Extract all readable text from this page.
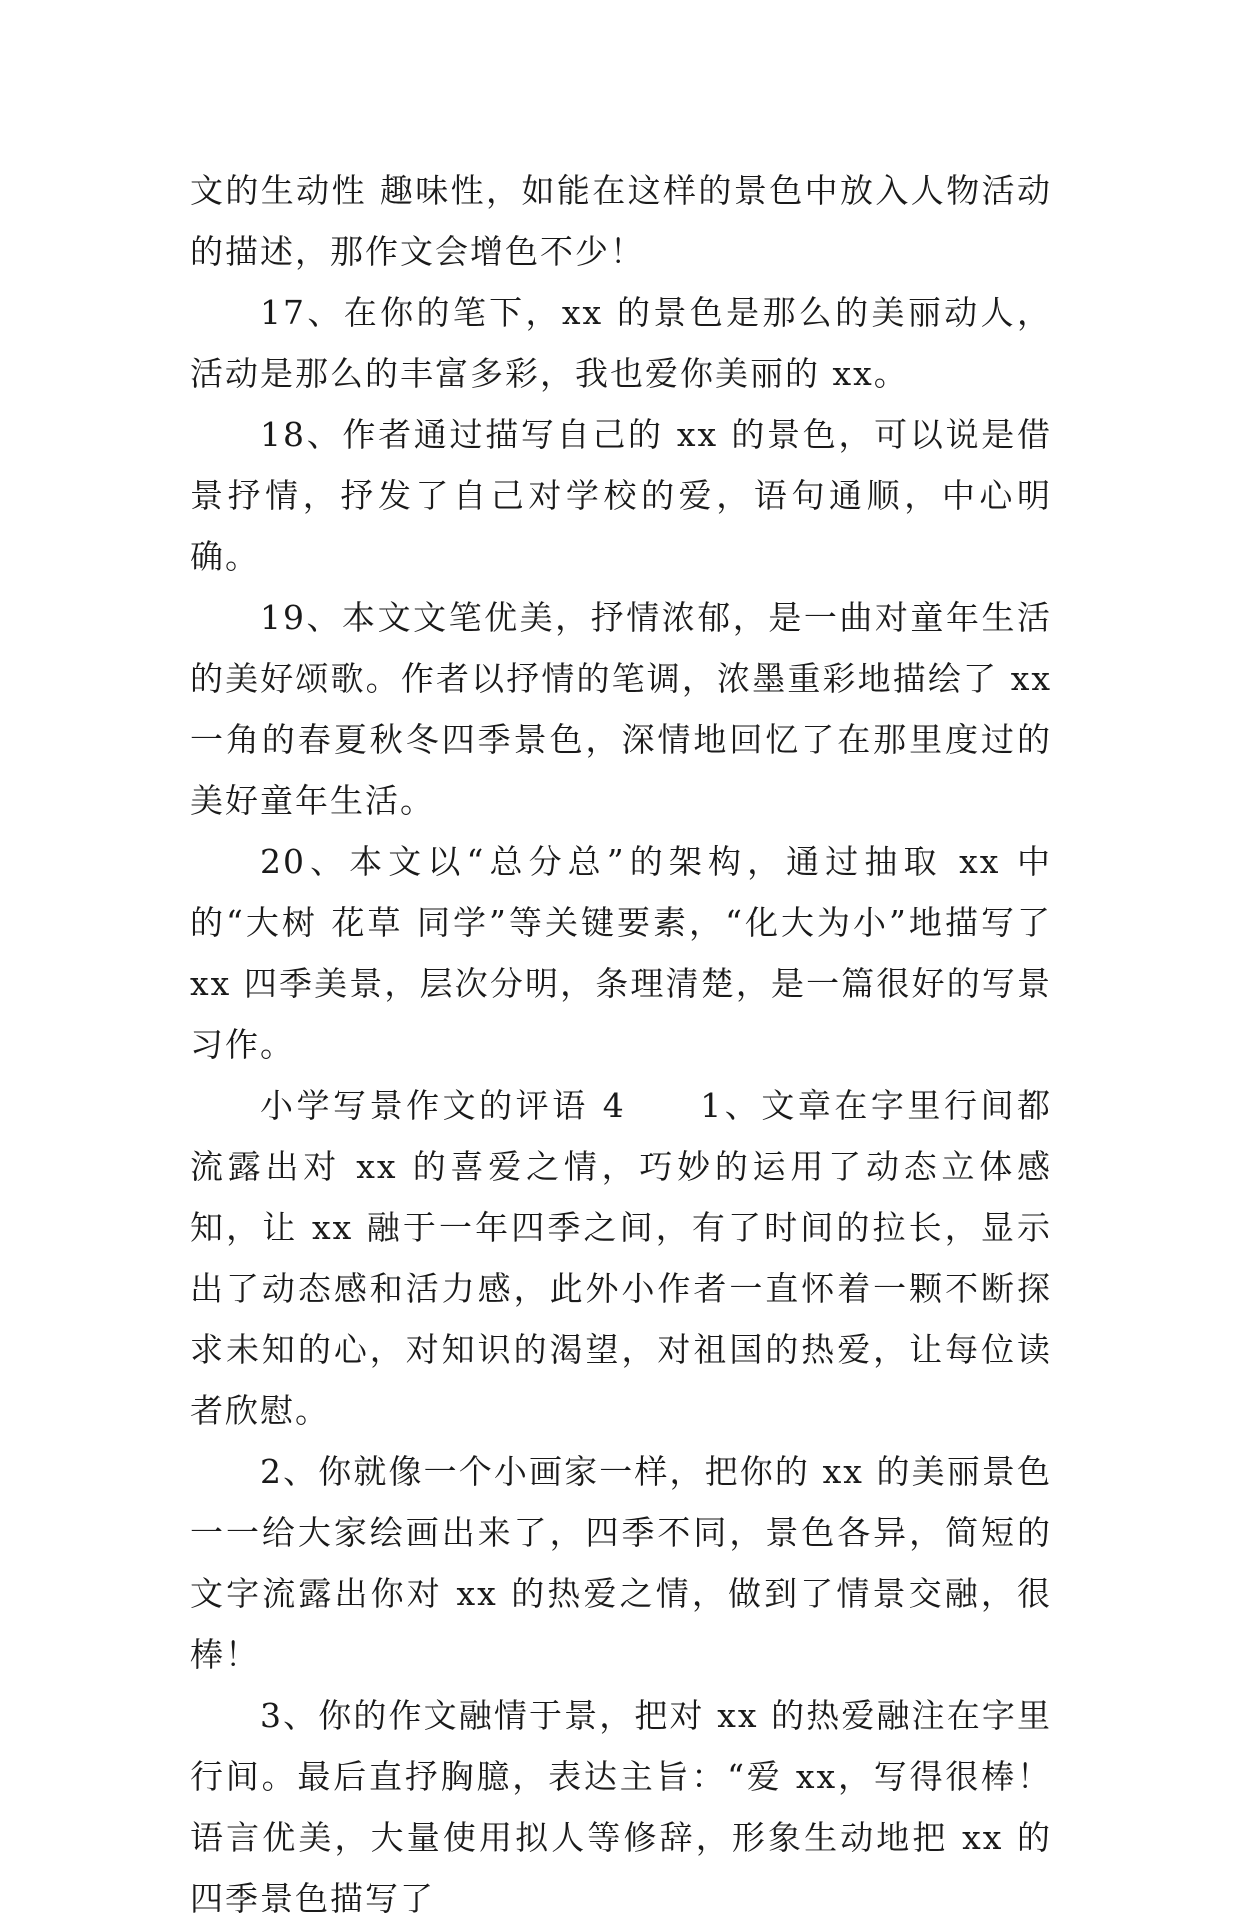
文的生动性 趣味性，如能在这样的景色中放入人物活动的描述，那作文会增色不少！

17、在你的笔下，xx 的景色是那么的美丽动人，活动是那么的丰富多彩，我也爱你美丽的 xx。

18、作者通过描写自己的 xx 的景色，可以说是借景抒情，抒发了自己对学校的爱，语句通顺，中心明确。

19、本文文笔优美，抒情浓郁，是一曲对童年生活的美好颂歌。作者以抒情的笔调，浓墨重彩地描绘了 xx 一角的春夏秋冬四季景色，深情地回忆了在那里度过的美好童年生活。

20、本文以“总分总”的架构，通过抽取 xx 中的“大树 花草 同学”等关键要素，“化大为小”地描写了 xx 四季美景，层次分明，条理清楚，是一篇很好的写景习作。

小学写景作文的评语 4　　1、文章在字里行间都流露出对 xx 的喜爱之情，巧妙的运用了动态立体感知，让 xx 融于一年四季之间，有了时间的拉长，显示出了动态感和活力感，此外小作者一直怀着一颗不断探求未知的心，对知识的渴望，对祖国的热爱，让每位读者欣慰。

2、你就像一个小画家一样，把你的 xx 的美丽景色一一给大家绘画出来了，四季不同，景色各异，简短的文字流露出你对 xx 的热爱之情，做到了情景交融，很棒！

3、你的作文融情于景，把对 xx 的热爱融注在字里行间。最后直抒胸臆，表达主旨：“爱 xx，写得很棒！语言优美，大量使用拟人等修辞，形象生动地把 xx 的四季景色描写了
